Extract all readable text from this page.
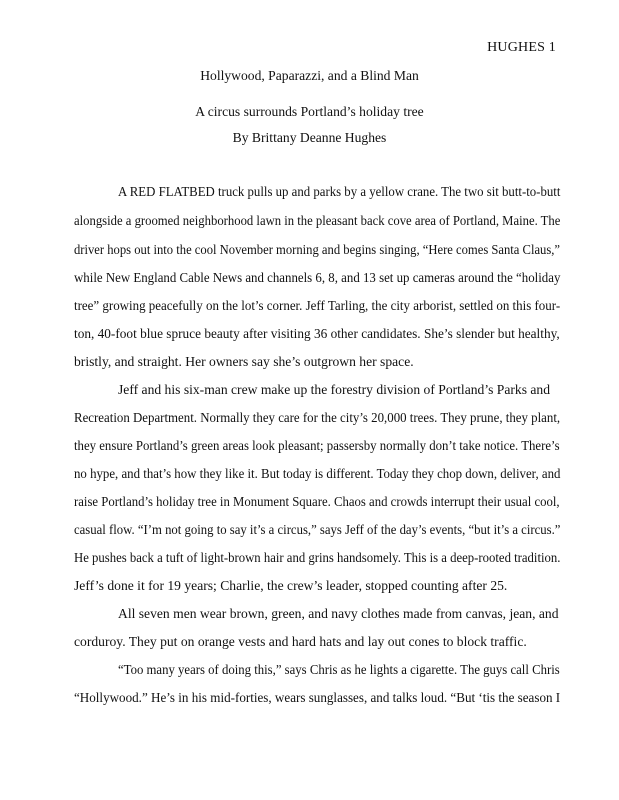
HUGHES 1
Hollywood, Paparazzi, and a Blind Man
A circus surrounds Portland’s holiday tree
By Brittany Deanne Hughes
A RED FLATBED truck pulls up and parks by a yellow crane. The two sit butt-to-butt
alongside a groomed neighborhood lawn in the pleasant back cove area of Portland, Maine. The
driver hops out into the cool November morning and begins singing, “Here comes Santa Claus,”
while New England Cable News and channels 6, 8, and 13 set up cameras around the “holiday
tree” growing peacefully on the lot’s corner. Jeff Tarling, the city arborist, settled on this four-
ton, 40-foot blue spruce beauty after visiting 36 other candidates. She’s slender but healthy,
bristly, and straight. Her owners say she’s outgrown her space.
Jeff and his six-man crew make up the forestry division of Portland’s Parks and
Recreation Department. Normally they care for the city’s 20,000 trees. They prune, they plant,
they ensure Portland’s green areas look pleasant; passersby normally don’t take notice. There’s
no hype, and that’s how they like it. But today is different. Today they chop down, deliver, and
raise Portland’s holiday tree in Monument Square. Chaos and crowds interrupt their usual cool,
casual flow. “I’m not going to say it’s a circus,” says Jeff of the day’s events, “but it’s a circus.”
He pushes back a tuft of light-brown hair and grins handsomely. This is a deep-rooted tradition.
Jeff’s done it for 19 years; Charlie, the crew’s leader, stopped counting after 25.
All seven men wear brown, green, and navy clothes made from canvas, jean, and
corduroy. They put on orange vests and hard hats and lay out cones to block traffic.
“Too many years of doing this,” says Chris as he lights a cigarette. The guys call Chris
“Hollywood.” He’s in his mid-forties, wears sunglasses, and talks loud. “But ‘tis the season I
